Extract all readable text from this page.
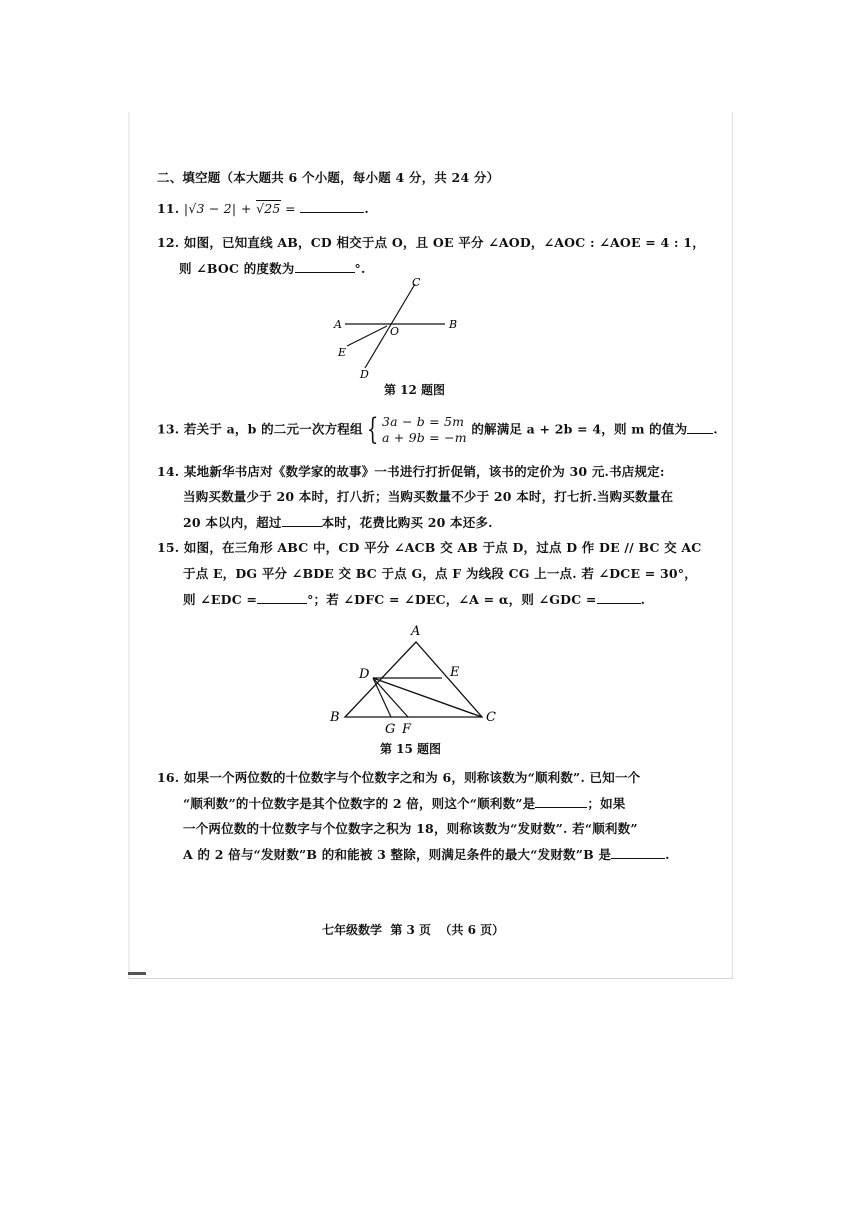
二、填空题（本大题共 6 个小题，每小题 4 分，共 24 分）
11. |√3 − 2| + √25 =	.
12. 如图，已知直线 AB，CD 相交于点 O，且 OE 平分 ∠AOD，∠AOC : ∠AOE = 4 : 1，
则 ∠BOC 的度数为	°.
A	B
C
D
E
O
第 12 题图
13. 若关于 a，b 的二元一次方程组 { 3a − b = 5m
a + 9b = −m 的解满足 a + 2b = 4，则 m 的值为 .
14. 某地新华书店对《数学家的故事》一书进行打折促销，该书的定价为 30 元.书店规定:
当购买数量少于 20 本时，打八折；当购买数量不少于 20 本时，打七折.当购买数量在
20 本以内，超过	本时，花费比购买 20 本还多.
15. 如图，在三角形 ABC 中，CD 平分 ∠ACB 交 AB 于点 D，过点 D 作 DE // BC 交 AC
于点 E，DG 平分 ∠BDE 交 BC 于点 G，点 F 为线段 CG 上一点. 若 ∠DCE = 30°，
则 ∠EDC =	°；若 ∠DFC = ∠DEC，∠A = α，则 ∠GDC =	.
A
B	C
D	E
G F
第 15 题图
16. 如果一个两位数的十位数字与个位数字之和为 6，则称该数为“顺利数”. 已知一个
“顺利数”的十位数字是其个位数字的 2 倍，则这个“顺利数”是	；如果
一个两位数的十位数字与个位数字之积为 18，则称该数为“发财数”. 若“顺利数”
A 的 2 倍与“发财数”B 的和能被 3 整除，则满足条件的最大“发财数”B 是	.
七年级数学  第 3 页  （共 6 页）
